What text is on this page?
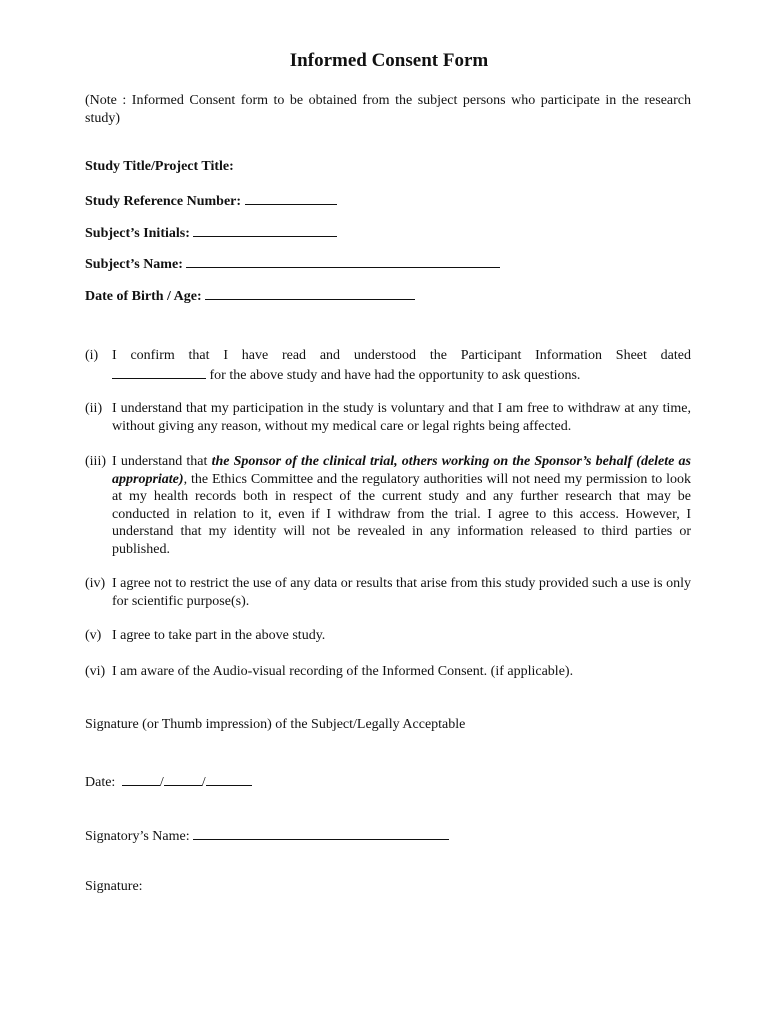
Informed Consent Form

(Note : Informed Consent form to be obtained from the subject persons who participate in the research study)

Study Title/Project Title:
Study Reference Number:
Subject’s Initials:
Subject’s Name:
Date of Birth / Age:
(i) I confirm that I have read and understood the Participant Information Sheet dated
for the above study and have had the opportunity to ask questions.
(ii) I understand that my participation in the study is voluntary and that I am free to withdraw at any time, without giving any reason, without my medical care or legal rights being affected.
(iii) I understand that the Sponsor of the clinical trial, others working on the Sponsor’s behalf (delete as appropriate), the Ethics Committee and the regulatory authorities will not need my permission to look at my health records both in respect of the current study and any further research that may be conducted in relation to it, even if I withdraw from the trial. I agree to this access. However, I understand that my identity will not be revealed in any information released to third parties or published.
(iv) I agree not to restrict the use of any data or results that arise from this study provided such a use is only for scientific purpose(s).
(v) I agree to take part in the above study.
(vi) I am aware of the Audio-visual recording of the Informed Consent. (if applicable).
Signature (or Thumb impression) of the Subject/Legally Acceptable
Date:	/	/
Signatory’s Name:
Signature:
